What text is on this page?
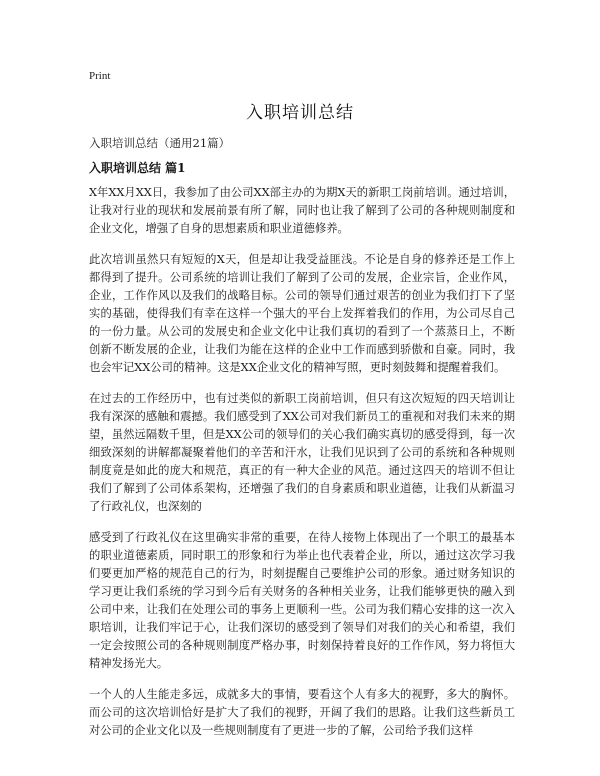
Print
入职培训总结
入职培训总结（通用21篇）
入职培训总结 篇1

X年XX月XX日，我参加了由公司XX部主办的为期X天的新职工岗前培训。通过培训，让我对行业的现状和发展前景有所了解，同时也让我了解到了公司的各种规则制度和企业文化，增强了自身的思想素质和职业道德修养。

此次培训虽然只有短短的X天，但是却让我受益匪浅。不论是自身的修养还是工作上都得到了提升。公司系统的培训让我们了解到了公司的发展，企业宗旨，企业作风，企业，工作作风以及我们的战略目标。公司的领导们通过艰苦的创业为我们打下了坚实的基础，使得我们有幸在这样一个强大的平台上发挥着我们的作用，为公司尽自己的一份力量。从公司的发展史和企业文化中让我们真切的看到了一个蒸蒸日上，不断创新不断发展的企业，让我们为能在这样的企业中工作而感到骄傲和自豪。同时，我也会牢记XX公司的精神。这是XX企业文化的精神写照，更时刻鼓舞和提醒着我们。

在过去的工作经历中，也有过类似的新职工岗前培训，但只有这次短短的四天培训让我有深深的感触和震撼。我们感受到了XX公司对我们新员工的重视和对我们未来的期望，虽然远隔数千里，但是XX公司的领导们的关心我们确实真切的感受得到，每一次细致深刻的讲解都凝聚着他们的辛苦和汗水，让我们见识到了公司的系统和各种规则制度竟是如此的庞大和规范，真正的有一种大企业的风范。通过这四天的培训不但让我们了解到了公司体系架构，还增强了我们的自身素质和职业道德，让我们从新温习了行政礼仪，也深刻的

感受到了行政礼仪在这里确实非常的重要，在待人接物上体现出了一个职工的最基本的职业道德素质，同时职工的形象和行为举止也代表着企业，所以，通过这次学习我们要更加严格的规范自己的行为，时刻提醒自己要维护公司的形象。通过财务知识的学习更让我们系统的学习到今后有关财务的各种相关业务，让我们能够更快的融入到公司中来，让我们在处理公司的事务上更顺利一些。公司为我们精心安排的这一次入职培训，让我们牢记于心，让我们深切的感受到了领导们对我们的关心和希望，我们一定会按照公司的各种规则制度严格办事，时刻保持着良好的工作作风，努力将恒大精神发扬光大。

一个人的人生能走多远，成就多大的事情，要看这个人有多大的视野，多大的胸怀。而公司的这次培训恰好是扩大了我们的视野，开阔了我们的思路。让我们这些新员工对公司的企业文化以及一些规则制度有了更进一步的了解，公司给予我们这样
